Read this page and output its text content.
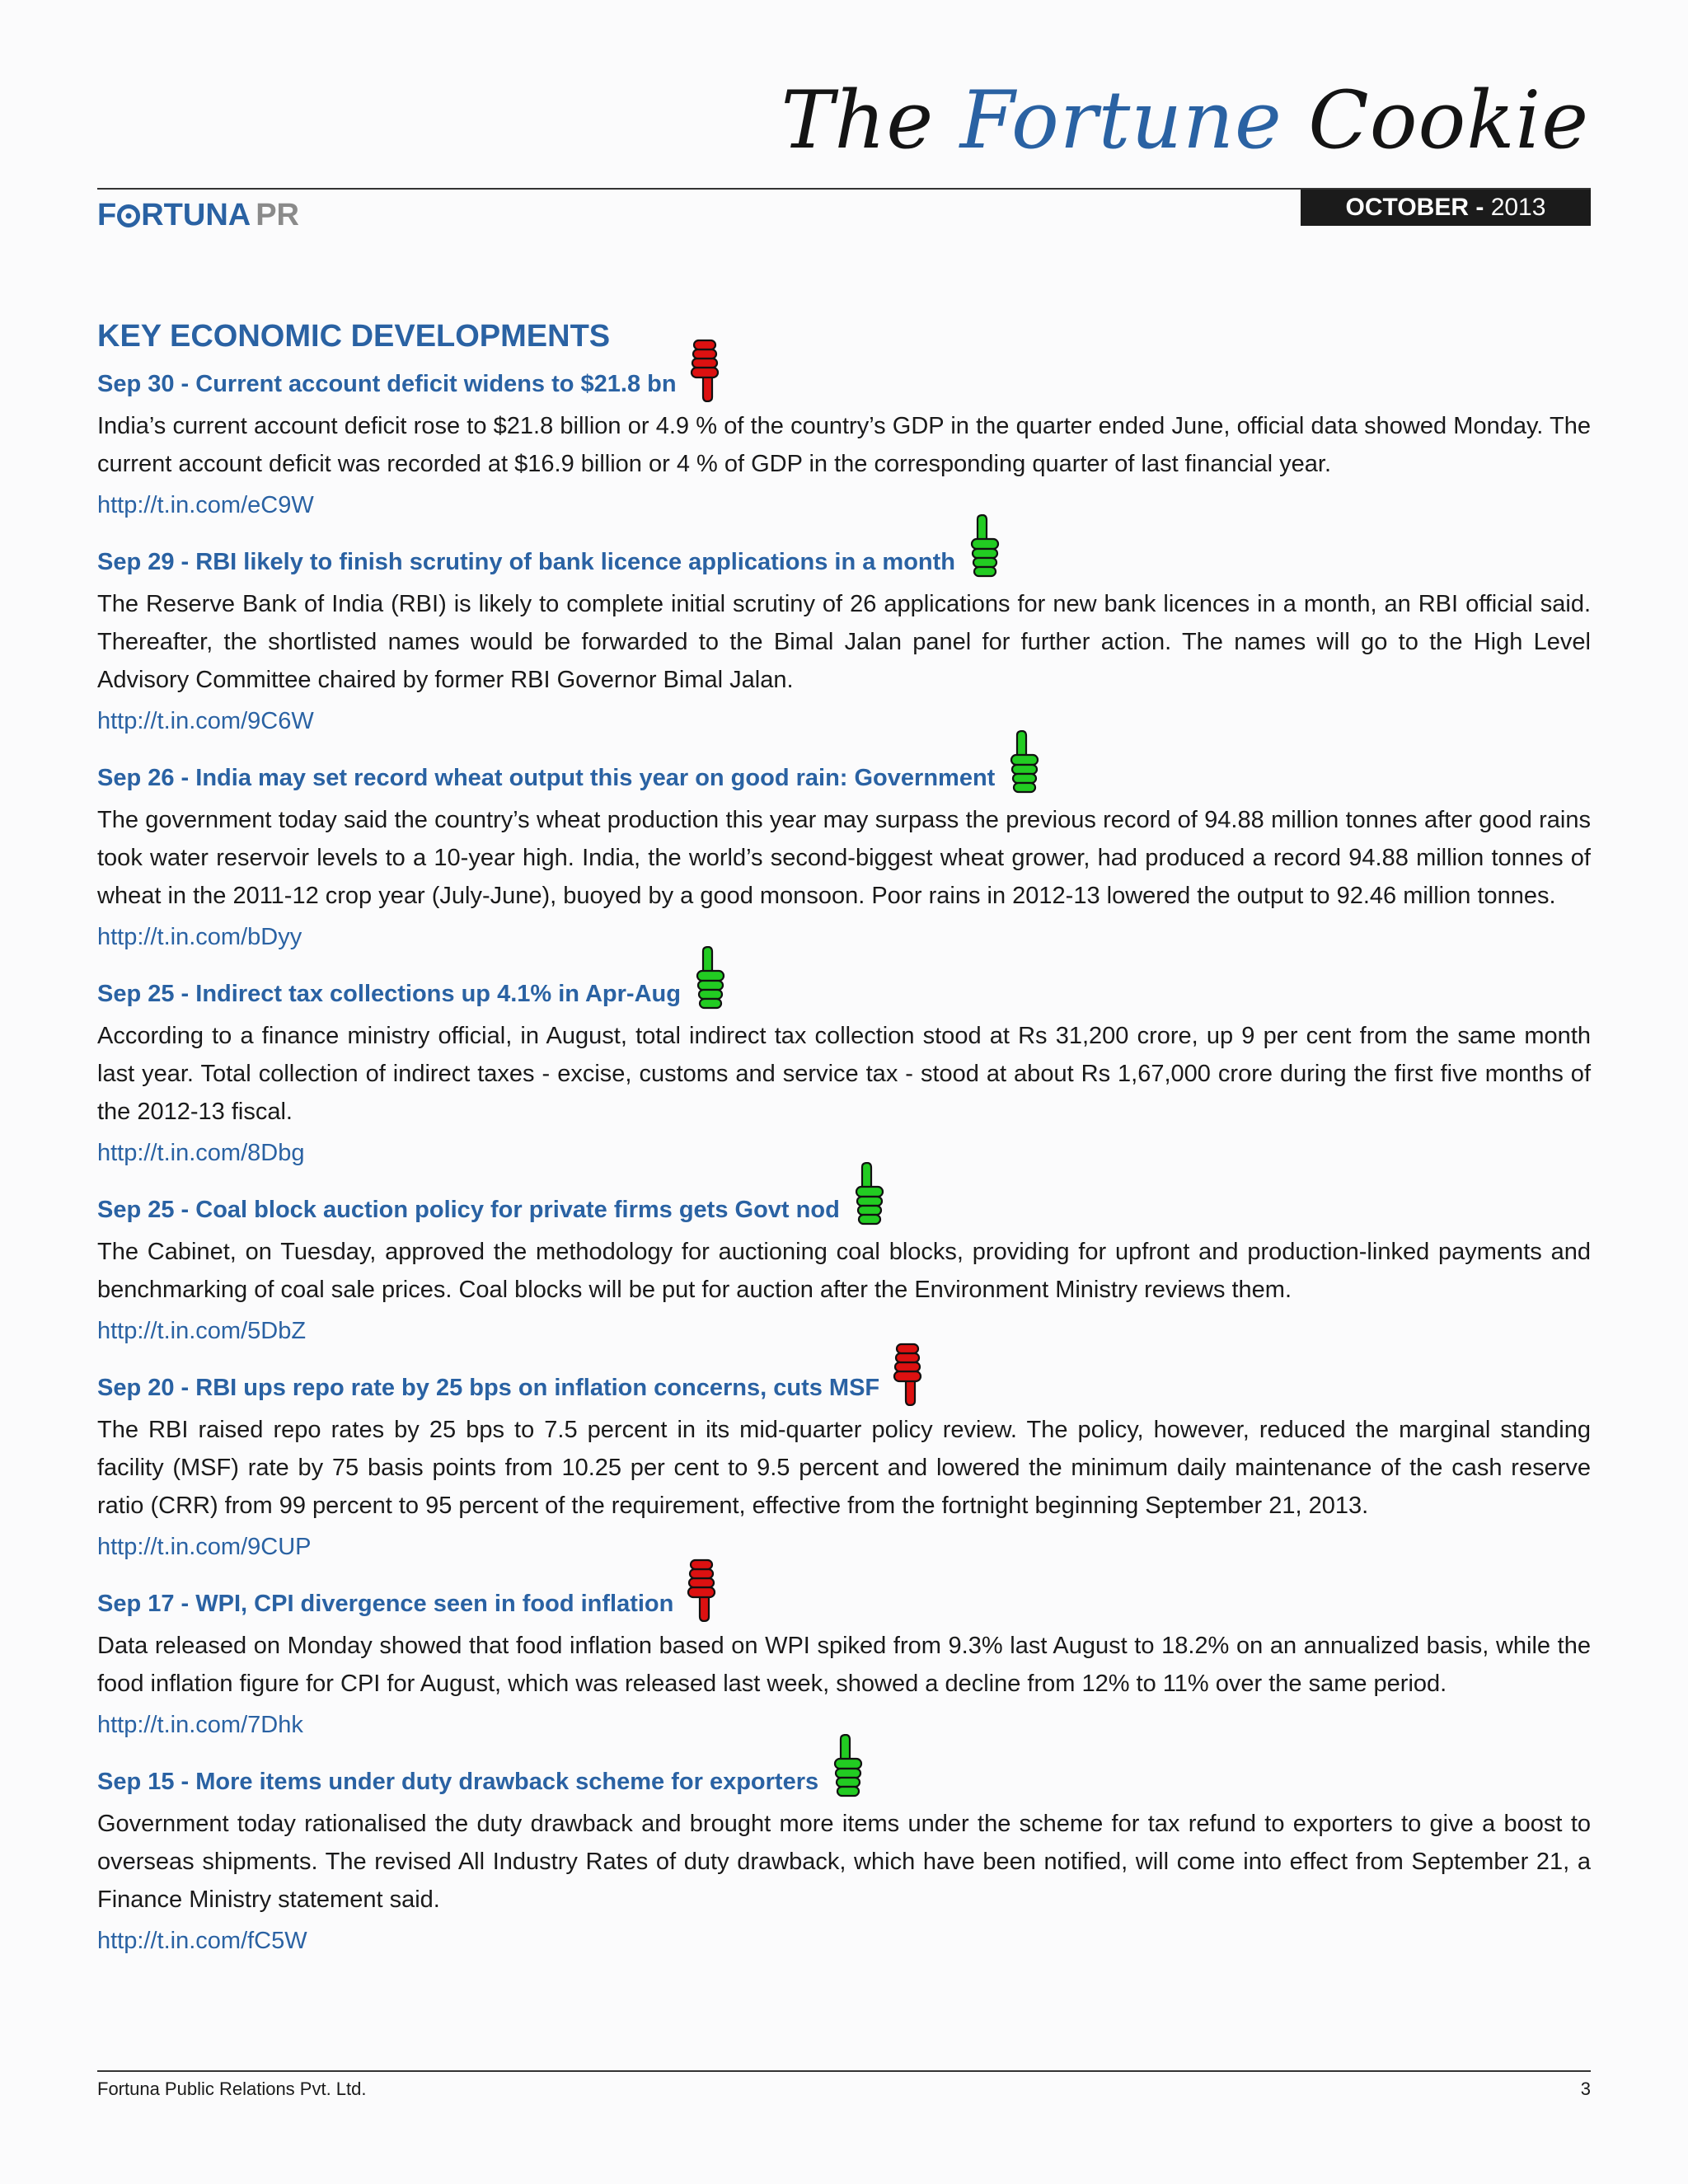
The Fortune Cookie
F RTUNA PR	OCTOBER - 2013
KEY ECONOMIC DEVELOPMENTS
Sep 30 - Current account deficit widens to $21.8 bn

India’s current account deficit rose to $21.8 billion or 4.9 % of the country’s GDP in the quarter ended June, official data showed Monday. The current account deficit was recorded at $16.9 billion or 4 % of GDP in the corresponding quarter of last financial year.

http://t.in.com/eC9W
Sep 29 - RBI likely to finish scrutiny of bank licence applications in a month

The Reserve Bank of India (RBI) is likely to complete initial scrutiny of 26 applications for new bank licences in a month, an RBI official said. Thereafter, the shortlisted names would be forwarded to the Bimal Jalan panel for further action. The names will go to the High Level Advisory Committee chaired by former RBI Governor Bimal Jalan.

http://t.in.com/9C6W
Sep 26 - India may set record wheat output this year on good rain: Government

The government today said the country’s wheat production this year may surpass the previous record of 94.88 million tonnes after good rains took water reservoir levels to a 10-year high. India, the world’s second-biggest wheat grower, had produced a record 94.88 million tonnes of wheat in the 2011-12 crop year (July-June), buoyed by a good monsoon. Poor rains in 2012-13 lowered the output to 92.46 million tonnes.

http://t.in.com/bDyy
Sep 25 - Indirect tax collections up 4.1% in Apr-Aug

According to a finance ministry official, in August, total indirect tax collection stood at Rs 31,200 crore, up 9 per cent from the same month last year. Total collection of indirect taxes - excise, customs and service tax - stood at about Rs 1,67,000 crore during the first five months of the 2012-13 fiscal.

http://t.in.com/8Dbg
Sep 25 - Coal block auction policy for private firms gets Govt nod

The Cabinet, on Tuesday, approved the methodology for auctioning coal blocks, providing for upfront and production-linked payments and benchmarking of coal sale prices. Coal blocks will be put for auction after the Environment Ministry reviews them.

http://t.in.com/5DbZ
Sep 20 - RBI ups repo rate by 25 bps on inflation concerns, cuts MSF

The RBI raised repo rates by 25 bps to 7.5 percent in its mid-quarter policy review. The policy, however, reduced the marginal standing facility (MSF) rate by 75 basis points from 10.25 per cent to 9.5 percent and lowered the minimum daily maintenance of the cash reserve ratio (CRR) from 99 percent to 95 percent of the requirement, effective from the fortnight beginning September 21, 2013.

http://t.in.com/9CUP
Sep 17 - WPI, CPI divergence seen in food inflation

Data released on Monday showed that food inflation based on WPI spiked from 9.3% last August to 18.2% on an annualized basis, while the food inflation figure for CPI for August, which was released last week, showed a decline from 12% to 11% over the same period.

http://t.in.com/7Dhk
Sep 15 - More items under duty drawback scheme for exporters

Government today rationalised the duty drawback and brought more items under the scheme for tax refund to exporters to give a boost to overseas shipments. The revised All Industry Rates of duty drawback, which have been notified, will come into effect from September 21, a Finance Ministry statement said.

http://t.in.com/fC5W
Fortuna Public Relations Pvt. Ltd.	3
